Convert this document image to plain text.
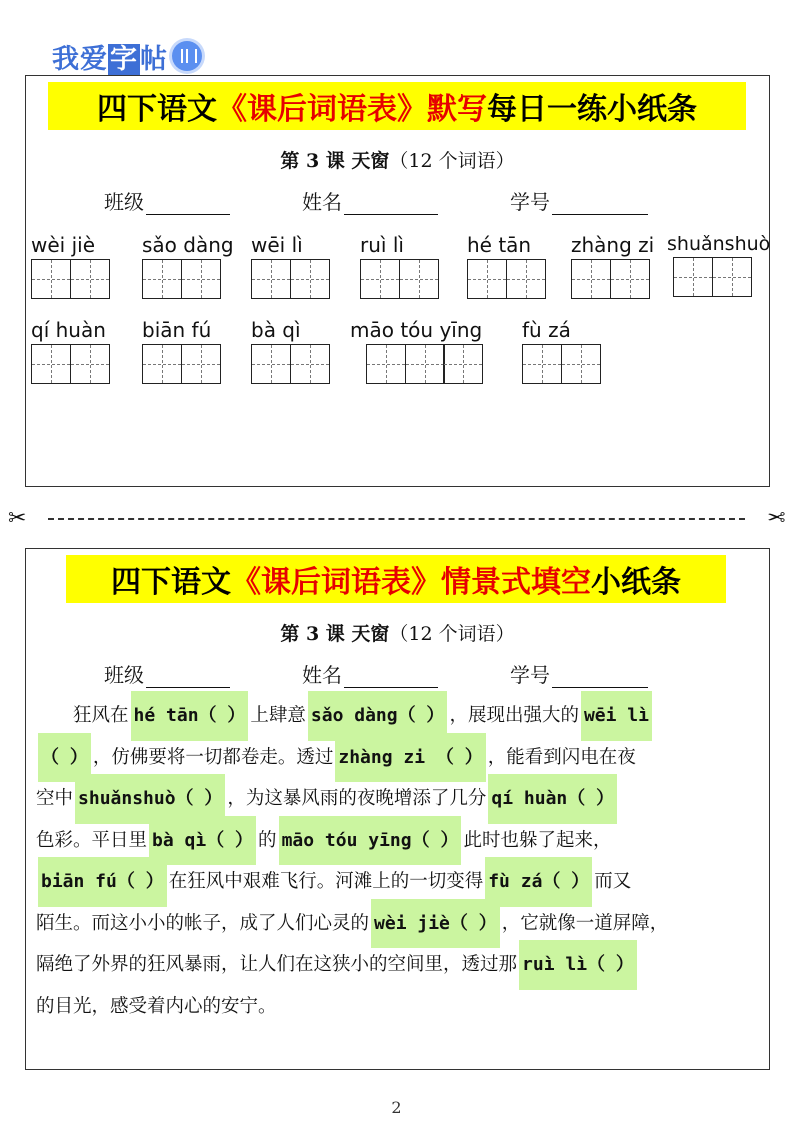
我爱字帖
四下语文 《课后词语表》默写 每日一练小纸条
第 3 课 天窗（12 个词语）
班级	姓名	学号
wèi jiè	sǎo dàng wēi lì	ruì lì	hé tān	zhàng zi shuǎnshuò
qí huàn biān fú	bà qì	māo tóu yīng fù zá
✂	✂
四下语文 《课后词语表》情景式填空 小纸条
第 3 课 天窗（12 个词语）
班级	姓名	学号
狂风在 hé tān（ ） 上肆意 sǎo dàng（ ） ，展现出强大的 wēi lì
（ ） ，仿佛要将一切都卷走。透过 zhàng zi （ ） ，能看到闪电在夜
空中 shuǎnshuò（ ） ，为这暴风雨的夜晚增添了几分 qí huàn（ ）
色彩。平日里 bà qì（ ） 的 māo tóu yīng（ ） 此时也躲了起来，
biān fú（ ） 在狂风中艰难飞行。河滩上的一切变得 fù zá（ ） 而又
陌生。而这小小的帐子，成了人们心灵的 wèi jiè（ ） ，它就像一道屏障，
隔绝了外界的狂风暴雨，让人们在这狭小的空间里，透过那 ruì lì（ ）
的目光，感受着内心的安宁。
2
